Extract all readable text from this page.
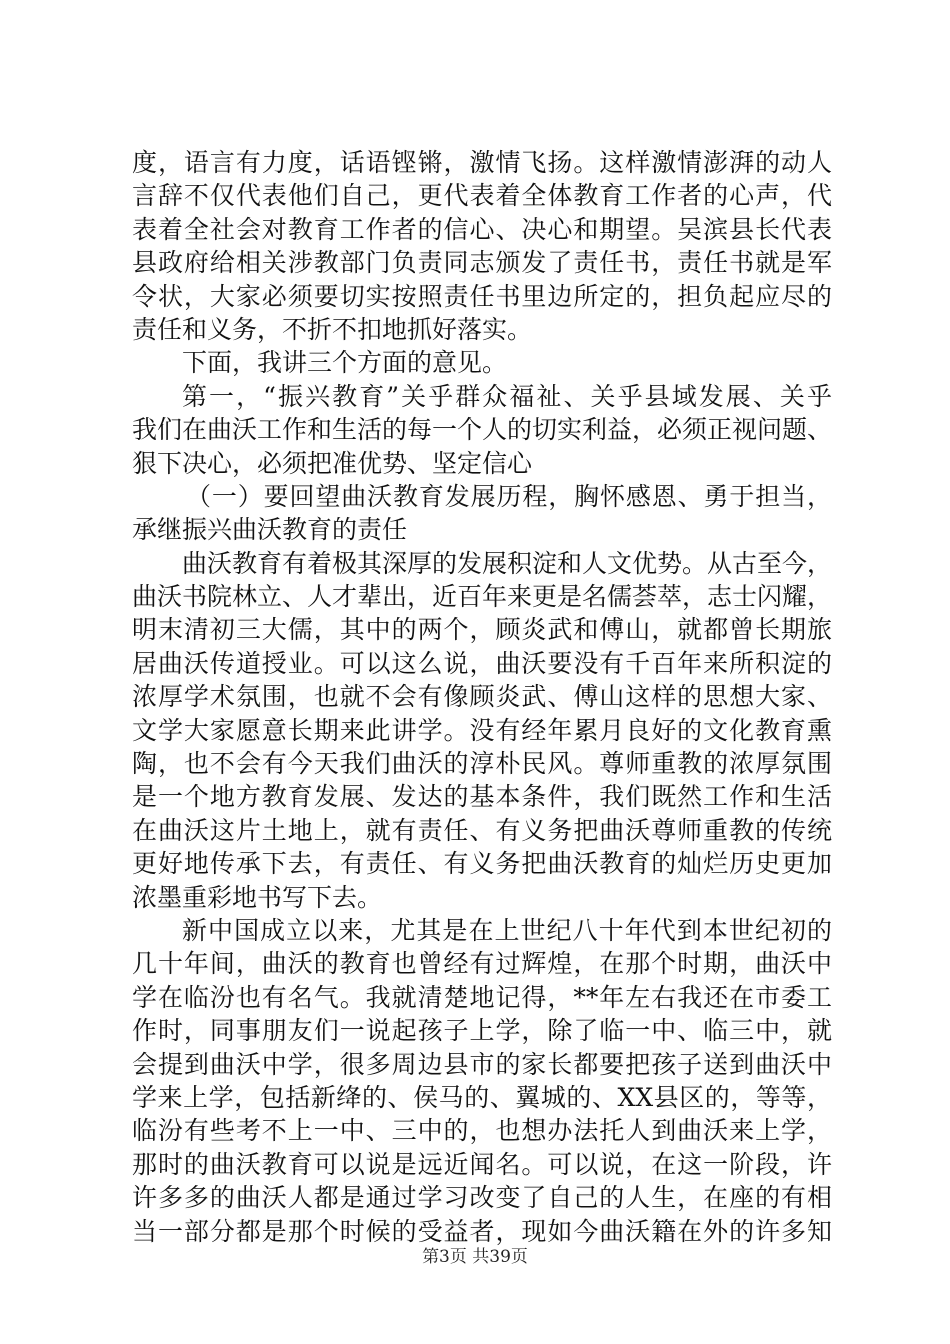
度，语言有力度，话语铿锵，激情飞扬。这样激情澎湃的动人
言辞不仅代表他们自己，更代表着全体教育工作者的心声，代
表着全社会对教育工作者的信心、决心和期望。吴滨县长代表
县政府给相关涉教部门负责同志颁发了责任书，责任书就是军
令状，大家必须要切实按照责任书里边所定的，担负起应尽的
责任和义务，不折不扣地抓好落实。
下面，我讲三个方面的意见。
第一，“振兴教育”关乎群众福祉、关乎县域发展、关乎
我们在曲沃工作和生活的每一个人的切实利益，必须正视问题、
狠下决心，必须把准优势、坚定信心
（一）要回望曲沃教育发展历程，胸怀感恩、勇于担当，
承继振兴曲沃教育的责任
曲沃教育有着极其深厚的发展积淀和人文优势。从古至今，
曲沃书院林立、人才辈出，近百年来更是名儒荟萃，志士闪耀，
明末清初三大儒，其中的两个，顾炎武和傅山，就都曾长期旅
居曲沃传道授业。可以这么说，曲沃要没有千百年来所积淀的
浓厚学术氛围，也就不会有像顾炎武、傅山这样的思想大家、
文学大家愿意长期来此讲学。没有经年累月良好的文化教育熏
陶，也不会有今天我们曲沃的淳朴民风。尊师重教的浓厚氛围
是一个地方教育发展、发达的基本条件，我们既然工作和生活
在曲沃这片土地上，就有责任、有义务把曲沃尊师重教的传统
更好地传承下去，有责任、有义务把曲沃教育的灿烂历史更加
浓墨重彩地书写下去。
新中国成立以来，尤其是在上世纪八十年代到本世纪初的
几十年间，曲沃的教育也曾经有过辉煌，在那个时期，曲沃中
学在临汾也有名气。我就清楚地记得，**年左右我还在市委工
作时，同事朋友们一说起孩子上学，除了临一中、临三中，就
会提到曲沃中学，很多周边县市的家长都要把孩子送到曲沃中
学来上学，包括新绛的、侯马的、翼城的、XX县区的，等等，
临汾有些考不上一中、三中的，也想办法托人到曲沃来上学，
那时的曲沃教育可以说是远近闻名。可以说，在这一阶段，许
许多多的曲沃人都是通过学习改变了自己的人生，在座的有相
当一部分都是那个时候的受益者，现如今曲沃籍在外的许多知
第3页 共39页
